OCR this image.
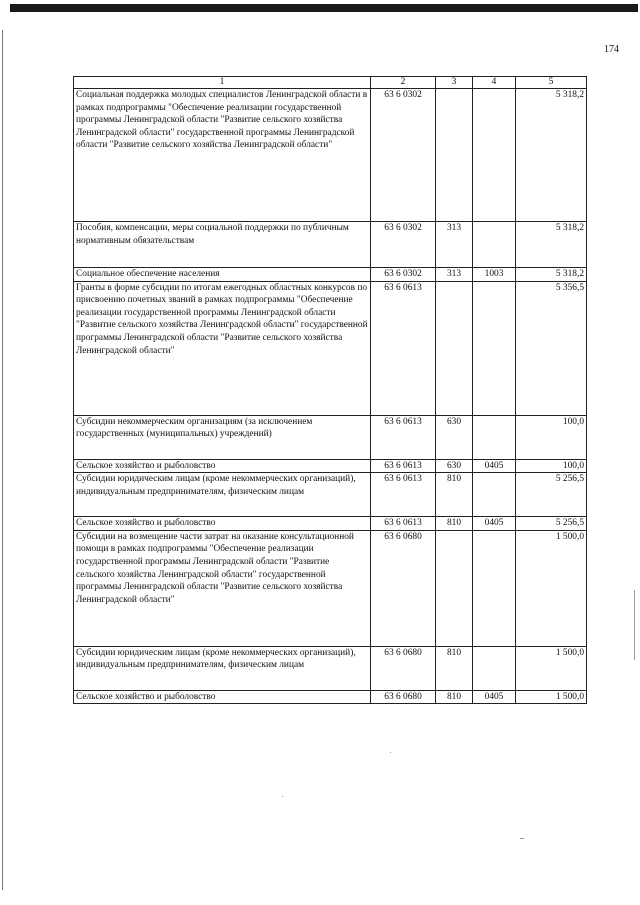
174
1	2	3	4	5
Социальная поддержка молодых специалистов Ленинградской области в рамках подпрограммы "Обеспечение реализации государственной программы Ленинградской области "Развитие сельского хозяйства Ленинградской области" государственной программы Ленинградской области "Развитие сельского хозяйства Ленинградской области"	63 6 0302			5 318,2
Пособия, компенсации, меры социальной поддержки по публичным нормативным обязательствам	63 6 0302	313		5 318,2
Социальное обеспечение населения	63 6 0302	313	1003	5 318,2
Гранты в форме субсидии по итогам ежегодных областных конкурсов по присвоению почетных званий в рамках подпрограммы "Обеспечение реализации государственной программы Ленинградской области "Развитие сельского хозяйства Ленинградской области" государственной программы Ленинградской области "Развитие сельского хозяйства Ленинградской области"	63 6 0613			5 356,5
Субсидии некоммерческим организациям (за исключением государственных (муниципальных) учреждений)	63 6 0613	630		100,0
Сельское хозяйство и рыболовство	63 6 0613	630	0405	100,0
Субсидии юридическим лицам (кроме некоммерческих организаций), индивидуальным предпринимателям, физическим лицам	63 6 0613	810		5 256,5
Сельское хозяйство и рыболовство	63 6 0613	810	0405	5 256,5
Субсидии на возмещение части затрат на оказание консультационной помощи в рамках подпрограммы "Обеспечение реализации государственной программы Ленинградской области "Развитие сельского хозяйства Ленинградской области" государственной программы Ленинградской области "Развитие сельского хозяйства Ленинградской области"	63 6 0680			1 500,0
Субсидии юридическим лицам (кроме некоммерческих организаций), индивидуальным предпринимателям, физическим лицам	63 6 0680	810		1 500,0
Сельское хозяйство и рыболовство	63 6 0680	810	0405	1 500,0
